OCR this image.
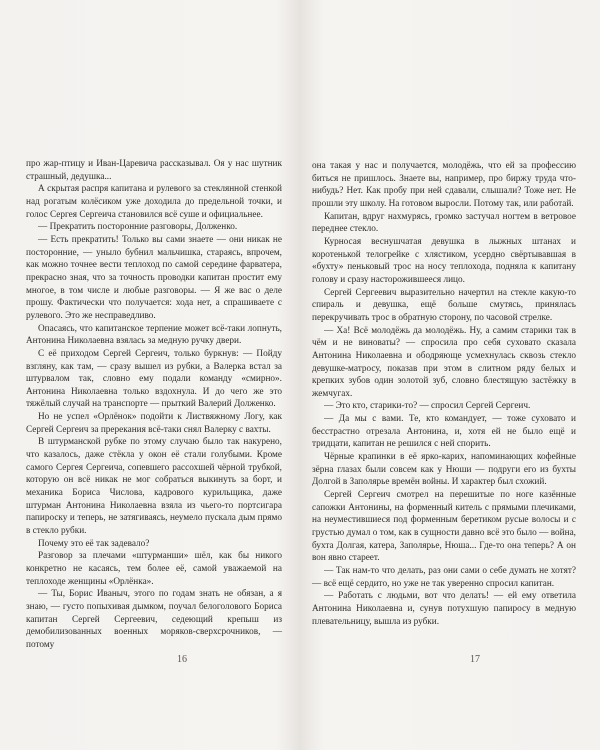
про жар-птицу и Иван-Царевича рассказывал. Оя у нас шутник страшный, дедушка...

А скрытая распря капитана и рулевого за стеклянной стенкой над рогатым колёсиком уже доходила до предельной точки, и голос Сергея Сергеича становился всё суше и официальнее.

— Прекратить посторонние разговоры, Долженко.

— Есть прекратить! Только вы сами знаете — они никак не посторонние, — уныло бубнил мальчишка, стараясь, впрочем, как можно точнее вести теплоход по самой середине фарватера, прекрасно зная, что за точность проводки капитан простит ему многое, в том числе и любые разговоры. — Я же вас о деле прошу. Фактически что получается: хода нет, а спрашиваете с рулевого. Это же несправедливо.

Опасаясь, что капитанское терпение может всё-таки лопнуть, Антонина Николаевна взялась за медную ручку двери.

С её приходом Сергей Сергеич, только буркнув: — Пойду взгляну, как там, — сразу вышел из рубки, а Валерка встал за штурвалом так, словно ему подали команду «смирно». Антонина Николаевна только вздохнула. И до чего же это тяжёлый случай на транспорте — прыткий Валерий Долженко.

Но не успел «Орлёнок» подойти к Листвяжному Логу, как Сергей Сергеич за пререкания всё-таки снял Валерку с вахты.

В штурманской рубке по этому случаю было так накурено, что казалось, даже стёкла у окон её стали голубыми. Кроме самого Сергея Сергеича, сопевшего рассохшей чёрной трубкой, которую он всё никак не мог собраться выкинуть за борт, и механика Бориса Числова, кадрового курильщика, даже штурман Антонина Николаевна взяла из чьего-то портсигара папироску и теперь, не затягиваясь, неумело пускала дым прямо в стекло рубки.

Почему это её так задевало?

Разговор за плечами «штурманши» шёл, как бы никого конкретно не касаясь, тем более её, самой уважаемой на теплоходе женщины «Орлёнка».

— Ты, Борис Иваныч, этого по годам знать не обязан, а я знаю, — густо попыхивая дымком, поучал белоголового Бориса капитан Сергей Сергеевич, седеющий крепыш из демобилизованных военных моряков-сверхсрочников, — потому

16

она такая у нас и получается, молодёжь, что ей за профессию биться не пришлось. Знаете вы, например, про биржу труда что-нибудь? Нет. Как пробу при ней сдавали, слышали? Тоже нет. Не прошли эту школу. На готовом выросли. Потому так, или работай.

Капитан, вдруг нахмурясь, громко застучал ногтем в ветровое переднее стекло.

Курносая веснушчатая девушка в лыжных штанах и коротенькой телогрейке с хлястиком, усердно свёртывавшая в «бухту» пеньковый трос на носу теплохода, подняла к капитану голову и сразу насторожившееся лицо.

Сергей Сергеевич выразительно начертил на стекле какую-то спираль и девушка, ещё больше смутясь, принялась перекручивать трос в обратную сторону, по часовой стрелке.

— Ха! Всё молодёжь да молодёжь. Ну, а самим старики так в чём и не виноваты? — спросила про себя суховато сказала Антонина Николаевна и ободряюще усмехнулась сквозь стекло девушке-матросу, показав при этом в слитном ряду белых и крепких зубов один золотой зуб, словно блестящую застёжку в жемчугах.

— Это кто, старики-то? — спросил Сергей Сергеич.

— Да мы с вами. Те, кто командует, — тоже суховато и бесстрастно отрезала Антонина, и, хотя ей не было ещё и тридцати, капитан не решился с ней спорить.

Чёрные крапинки в её ярко-карих, напоминающих кофейные зёрна глазах были совсем как у Нюши — подруги его из бухты Долгой в Заполярье времён войны. И характер был схожий.

Сергей Сергеич смотрел на перешитые по ноге казённые сапожки Антонины, на форменный китель с прямыми плечиками, на неуместившиеся под форменным беретиком русые волосы и с грустью думал о том, как в сущности давно всё это было — война, бухта Долгая, катера, Заполярье, Нюша... Где-то она теперь? А он вон явно стареет.

— Так нам-то что делать, раз они сами о себе думать не хотят? — всё ещё сердито, но уже не так уверенно спросил капитан.

— Работать с людьми, вот что делать! — ей ему ответила Антонина Николаевна и, сунув потухшую папиросу в медную плевательницу, вышла из рубки.

17
